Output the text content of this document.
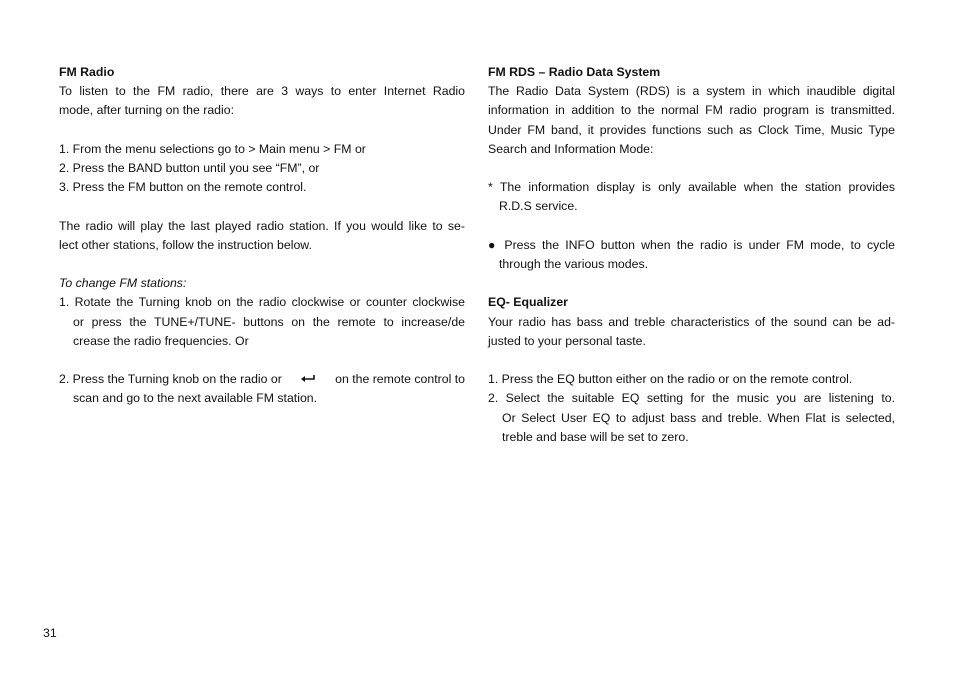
FM Radio
To listen to the FM radio, there are 3 ways to enter Internet Radio
mode, after turning on the radio:
1. From the menu selections go to > Main menu > FM or
2. Press the BAND button until you see “FM”, or
3. Press the FM button on the remote control.
The radio will play the last played radio station. If you would like to se-
lect other stations, follow the instruction below.
To change FM stations:
1. Rotate the Turning knob on the radio clockwise or counter clockwise
or press the TUNE+/TUNE- buttons on the remote to increase/de
crease the radio frequencies. Or
2. Press the Turning knob on the radio or	on the remote control to
scan and go to the next available FM station.
FM RDS – Radio Data System
The Radio Data System (RDS) is a system in which inaudible digital
information in addition to the normal FM radio program is transmitted.
Under FM band, it provides functions such as Clock Time, Music Type
Search and Information Mode:
* The information display is only available when the station provides
R.D.S service.
● Press the INFO button when the radio is under FM mode, to cycle
through the various modes.
EQ- Equalizer
Your radio has bass and treble characteristics of the sound can be ad-
justed to your personal taste.
1. Press the EQ button either on the radio or on the remote control.
2. Select the suitable EQ setting for the music you are listening to.
Or Select User EQ to adjust bass and treble. When Flat is selected,
treble and base will be set to zero.
31
